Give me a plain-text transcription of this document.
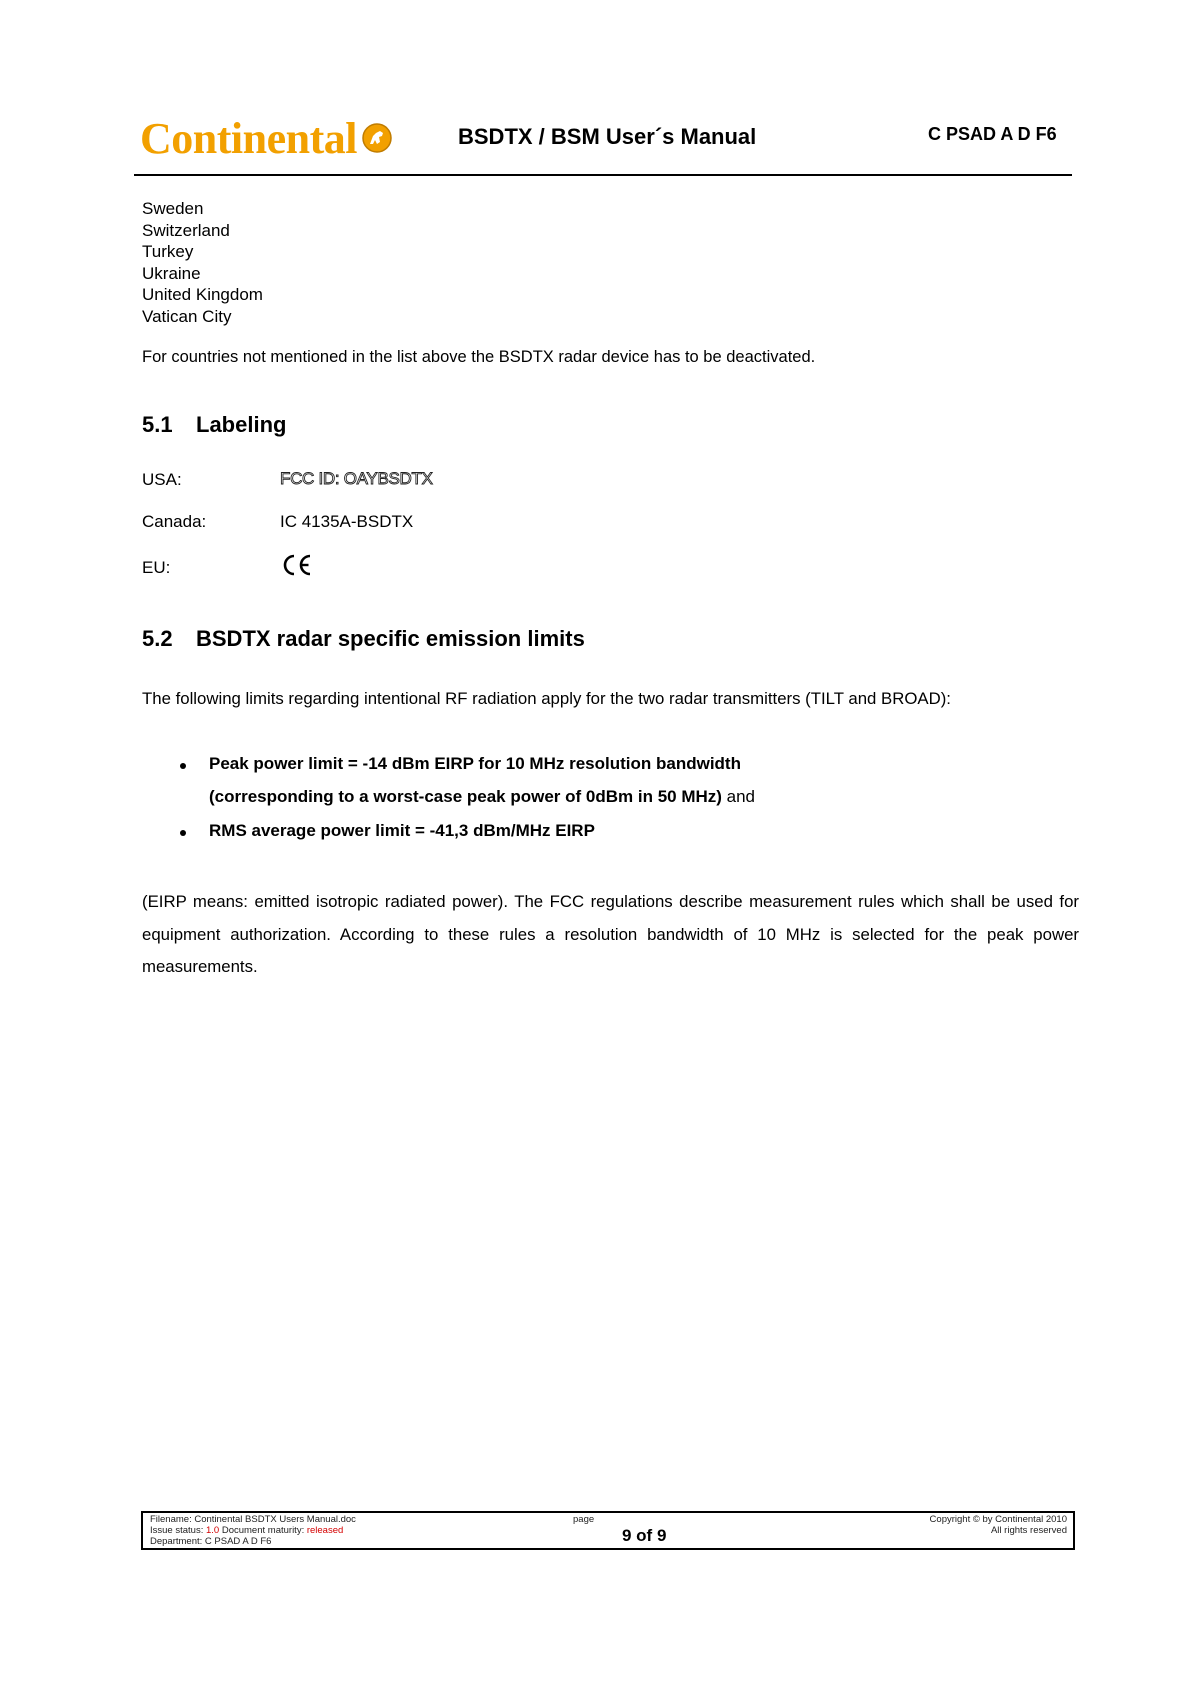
Continental	BSDTX / BSM User´s Manual	C PSAD A D F6
Sweden
Switzerland
Turkey
Ukraine
United Kingdom
Vatican City
For countries not mentioned in the list above the BSDTX radar device has to be deactivated.
5.1 Labeling
USA:	FCC ID: OAYBSDTX
Canada:	IC 4135A-BSDTX
EU:
5.2 BSDTX radar specific emission limits
The following limits regarding intentional RF radiation apply for the two radar transmitters (TILT and BROAD):
Peak power limit = -14 dBm EIRP for 10 MHz resolution bandwidth
(corresponding to a worst-case peak power of 0dBm in 50 MHz) and
RMS average power limit = -41,3 dBm/MHz EIRP
(EIRP means: emitted isotropic radiated power). The FCC regulations describe measurement rules which shall be used for equipment authorization. According to these rules a resolution bandwidth of 10 MHz is selected for the peak power measurements.
Filename: Continental BSDTX Users Manual.doc
Issue status: 1.0 Document maturity: released
Department: C PSAD A D F6
page
9 of 9
Copyright © by Continental 2010
All rights reserved
